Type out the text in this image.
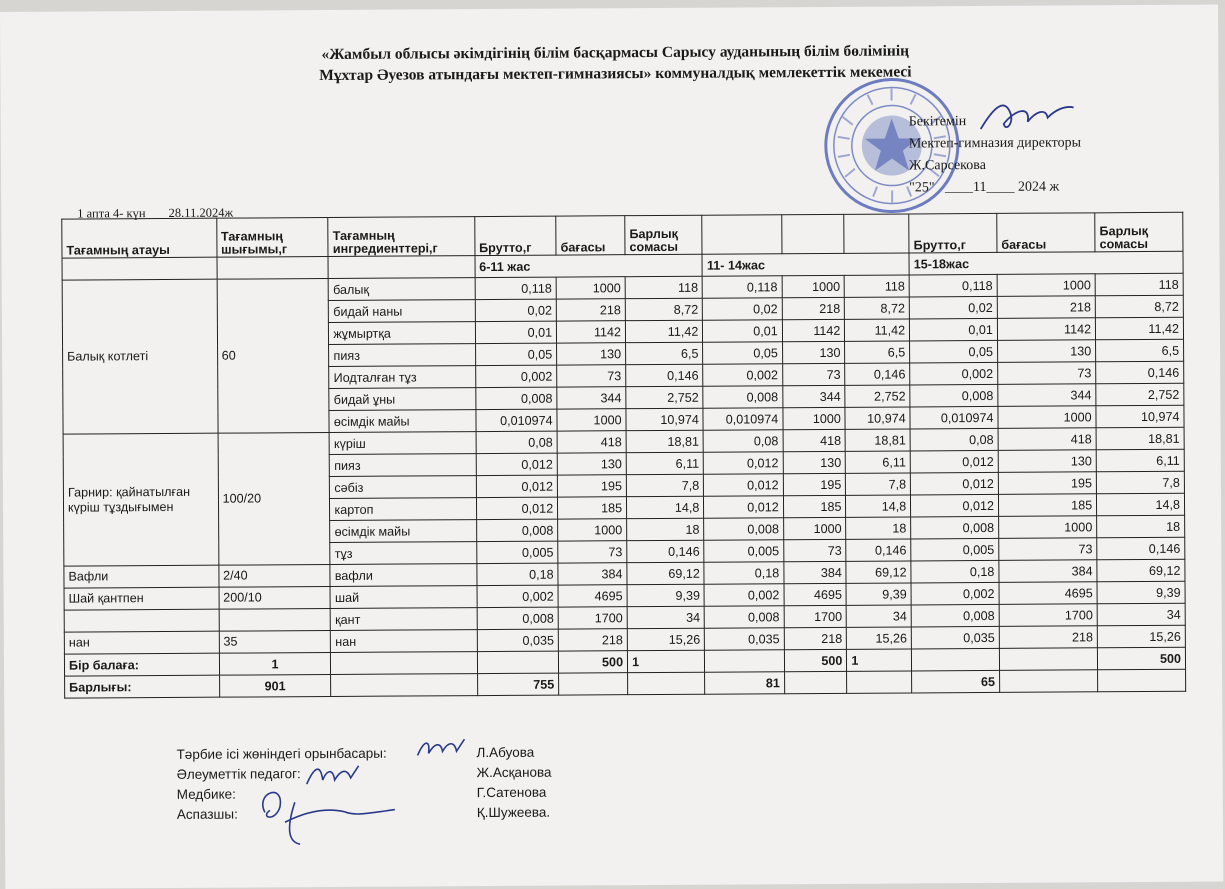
«Жамбыл облысы әкімдігінің білім басқармасы Сарысу ауданының білім бөлімінің
Мұхтар Әуезов атындағы мектеп-гимназиясы» коммуналдық мемлекеттік мекемесі
Бекітемін
Мектеп-гимназия директоры
Ж.Сарсекова
"25"   ____11____ 2024 ж
1 апта 4- күн 28.11.2024ж
Тағамның атауы	Тағамның шығымы,г	Тағамның ингредиенттері,г	Брутто,г	бағасы	Барлық сомасы				Брутто,г	бағасы	Барлық сомасы
			6-11 жас			11- 14жас			15-18жас		
Балық котлеті	60	балық	0,118	1000	118	0,118	1000	118	0,118	1000	118
		бидай наны	0,02	218	8,72	0,02	218	8,72	0,02	218	8,72
		жұмыртқа	0,01	1142	11,42	0,01	1142	11,42	0,01	1142	11,42
		пияз	0,05	130	6,5	0,05	130	6,5	0,05	130	6,5
		Иодталған тұз	0,002	73	0,146	0,002	73	0,146	0,002	73	0,146
		бидай ұны	0,008	344	2,752	0,008	344	2,752	0,008	344	2,752
		өсімдік майы	0,010974	1000	10,974	0,010974	1000	10,974	0,010974	1000	10,974
Гарнир: қайнатылған күріш тұздығымен	100/20	күріш	0,08	418	18,81	0,08	418	18,81	0,08	418	18,81
		пияз	0,012	130	6,11	0,012	130	6,11	0,012	130	6,11
		сәбіз	0,012	195	7,8	0,012	195	7,8	0,012	195	7,8
		картоп	0,012	185	14,8	0,012	185	14,8	0,012	185	14,8
		өсімдік майы	0,008	1000	18	0,008	1000	18	0,008	1000	18
		тұз	0,005	73	0,146	0,005	73	0,146	0,005	73	0,146
Вафли	2/40	вафли	0,18	384	69,12	0,18	384	69,12	0,18	384	69,12
Шай қантпен	200/10	шай	0,002	4695	9,39	0,002	4695	9,39	0,002	4695	9,39
		қант	0,008	1700	34	0,008	1700	34	0,008	1700	34
нан	35	нан	0,035	218	15,26	0,035	218	15,26	0,035	218	15,26
Бір балаға:	1			500	1		500	1			500
Барлығы:	901		755			81			65		
Тәрбие ісі жөніндегі орынбасары:	Л.Абуова
Әлеуметтік педагог:	Ж.Асқанова
Медбике:	Г.Сатенова
Аспазшы:	Қ.Шужеева.
